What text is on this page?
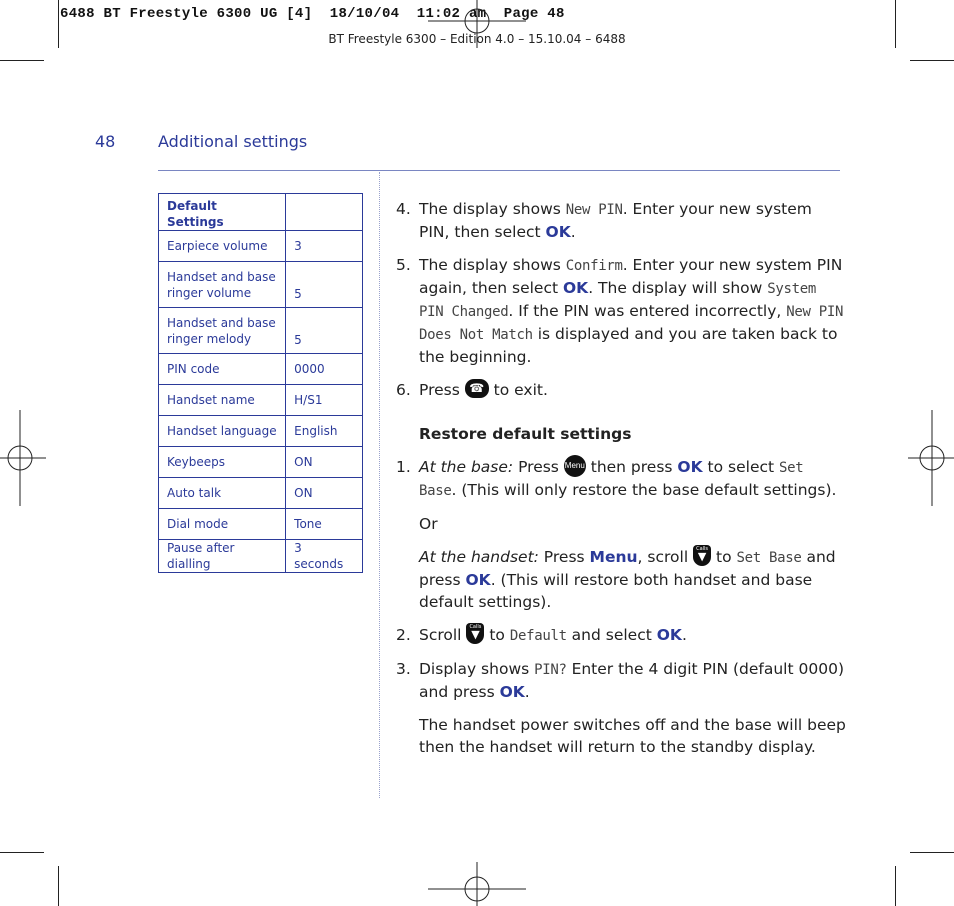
6488 BT Freestyle 6300 UG [4]  18/10/04  11:02 am  Page 48
BT Freestyle 6300 – Edition 4.0 – 15.10.04 – 6488
48	Additional settings
Default Settings	
Earpiece volume	3
Handset and base ringer volume	5
Handset and base ringer melody	5
PIN code	0000
Handset name	H/S1
Handset language	English
Keybeeps	ON
Auto talk	ON
Dial mode	Tone
Pause after dialling	3 seconds
4. The display shows New PIN. Enter your new system PIN, then select OK.
5. The display shows Confirm. Enter your new system PIN again, then select OK. The display will show System PIN Changed. If the PIN was entered incorrectly, New PIN Does Not Match is displayed and you are taken back to the beginning.
6. Press ☎ to exit.
Restore default settings
1. At the base: Press Menu then press OK to select Set Base. (This will only restore the base default settings).
Or
At the handset: Press Menu, scroll Calls
▼ to Set Base and press OK. (This will restore both handset and base default settings).
2. Scroll Calls
▼ to Default and select OK.
3. Display shows PIN? Enter the 4 digit PIN (default 0000) and press OK.
The handset power switches off and the base will beep then the handset will return to the standby display.
